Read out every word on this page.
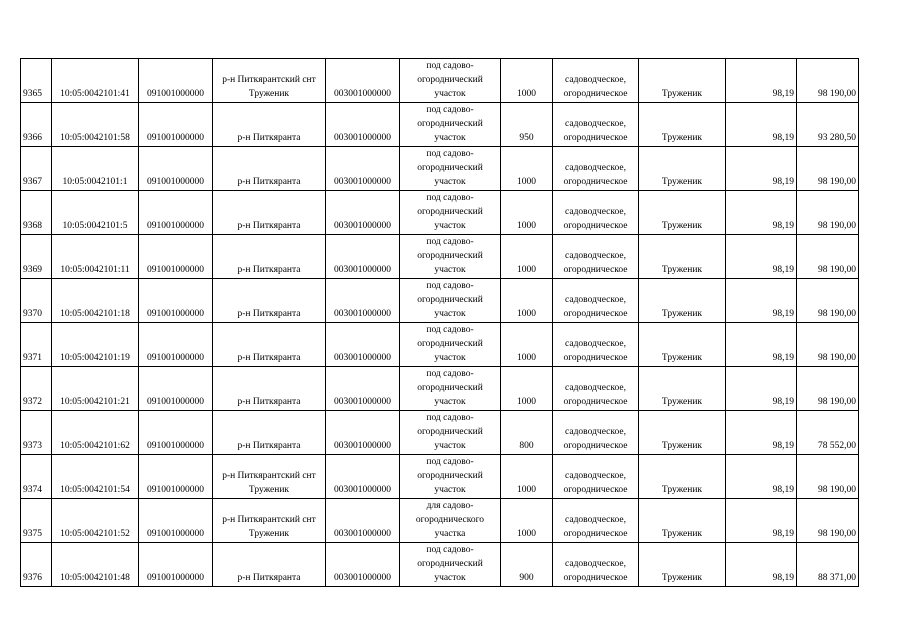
9365	10:05:0042101:41	091001000000	р-н Питкярантский снт
Труженик	003001000000	под садово-
огороднический
участок	1000	садоводческое,
огородническое	Труженик	98,19	98 190,00
9366	10:05:0042101:58	091001000000	р-н Питкяранта	003001000000	под садово-
огороднический
участок	950	садоводческое,
огородническое	Труженик	98,19	93 280,50
9367	10:05:0042101:1	091001000000	р-н Питкяранта	003001000000	под садово-
огороднический
участок	1000	садоводческое,
огородническое	Труженик	98,19	98 190,00
9368	10:05:0042101:5	091001000000	р-н Питкяранта	003001000000	под садово-
огороднический
участок	1000	садоводческое,
огородническое	Труженик	98,19	98 190,00
9369	10:05:0042101:11	091001000000	р-н Питкяранта	003001000000	под садово-
огороднический
участок	1000	садоводческое,
огородническое	Труженик	98,19	98 190,00
9370	10:05:0042101:18	091001000000	р-н Питкяранта	003001000000	под садово-
огороднический
участок	1000	садоводческое,
огородническое	Труженик	98,19	98 190,00
9371	10:05:0042101:19	091001000000	р-н Питкяранта	003001000000	под садово-
огороднический
участок	1000	садоводческое,
огородническое	Труженик	98,19	98 190,00
9372	10:05:0042101:21	091001000000	р-н Питкяранта	003001000000	под садово-
огороднический
участок	1000	садоводческое,
огородническое	Труженик	98,19	98 190,00
9373	10:05:0042101:62	091001000000	р-н Питкяранта	003001000000	под садово-
огороднический
участок	800	садоводческое,
огородническое	Труженик	98,19	78 552,00
9374	10:05:0042101:54	091001000000	р-н Питкярантский снт
Труженик	003001000000	под садово-
огороднический
участок	1000	садоводческое,
огородническое	Труженик	98,19	98 190,00
9375	10:05:0042101:52	091001000000	р-н Питкярантский снт
Труженик	003001000000	для садово-
огороднического
участка	1000	садоводческое,
огородническое	Труженик	98,19	98 190,00
9376	10:05:0042101:48	091001000000	р-н Питкяранта	003001000000	под садово-
огороднический
участок	900	садоводческое,
огородническое	Труженик	98,19	88 371,00
